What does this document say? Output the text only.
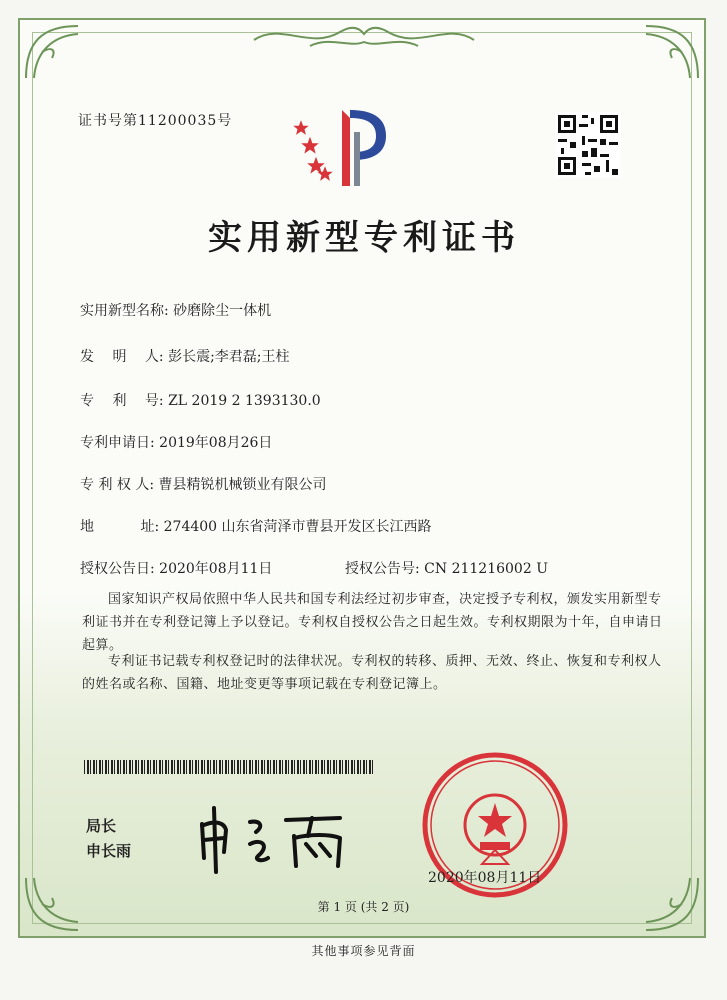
证书号第11200035号
实用新型专利证书
实用新型名称: 砂磨除尘一体机
发　 明　 人: 彭长震;李君磊;王柱
专　 利　 号: ZL 2019 2 1393130.0
专利申请日: 2019年08月26日
专 利 权 人: 曹县精锐机械锁业有限公司
地　　　 址: 274400 山东省菏泽市曹县开发区长江西路
授权公告日: 2020年08月11日	授权公告号: CN 211216002 U
国家知识产权局依照中华人民共和国专利法经过初步审查，决定授予专利权，颁发实用新型专利证书并在专利登记簿上予以登记。专利权自授权公告之日起生效。专利权期限为十年，自申请日起算。
专利证书记载专利权登记时的法律状况。专利权的转移、质押、无效、终止、恢复和专利权人的姓名或名称、国籍、地址变更等事项记载在专利登记簿上。
局长
申长雨
2020年08月11日
第 1 页 (共 2 页)
其他事项参见背面
